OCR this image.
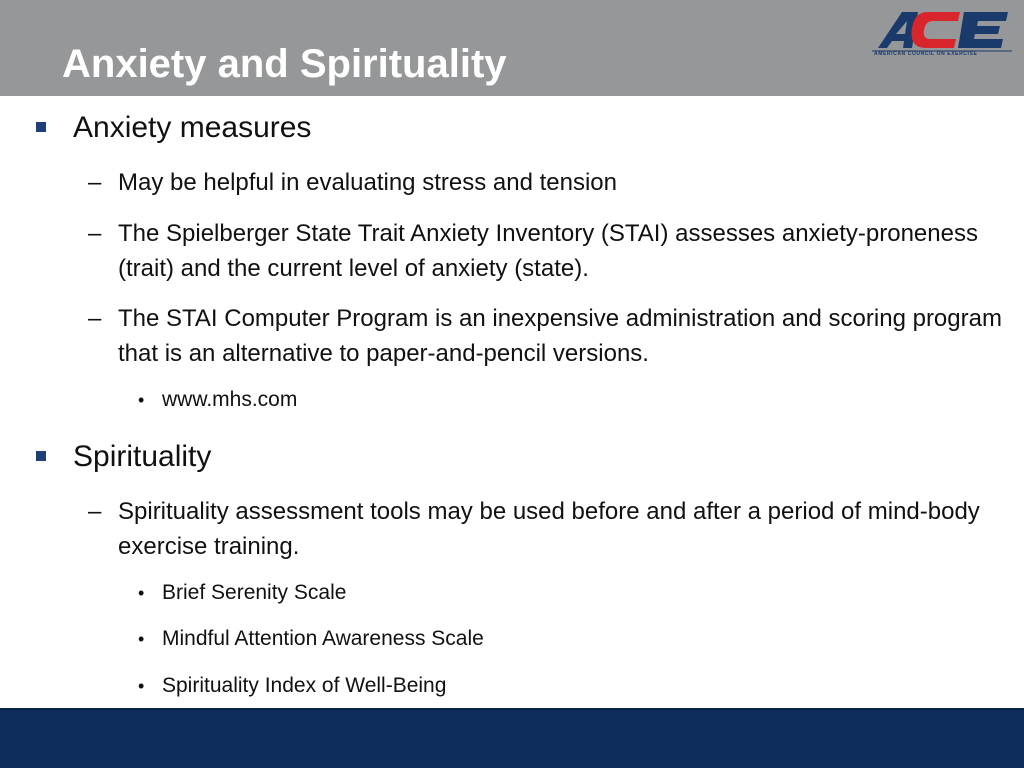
AMERICAN COUNCIL ON EXERCISE
Anxiety and Spirituality
Anxiety measures
– May be helpful in evaluating stress and tension
– The Spielberger State Trait Anxiety Inventory (STAI) assesses anxiety-proneness (trait) and the current level of anxiety (state).
– The STAI Computer Program is an inexpensive administration and scoring program that is an alternative to paper-and-pencil versions.
• www.mhs.com
Spirituality
– Spirituality assessment tools may be used before and after a period of mind-body exercise training.
• Brief Serenity Scale
• Mindful Attention Awareness Scale
• Spirituality Index of Well-Being
